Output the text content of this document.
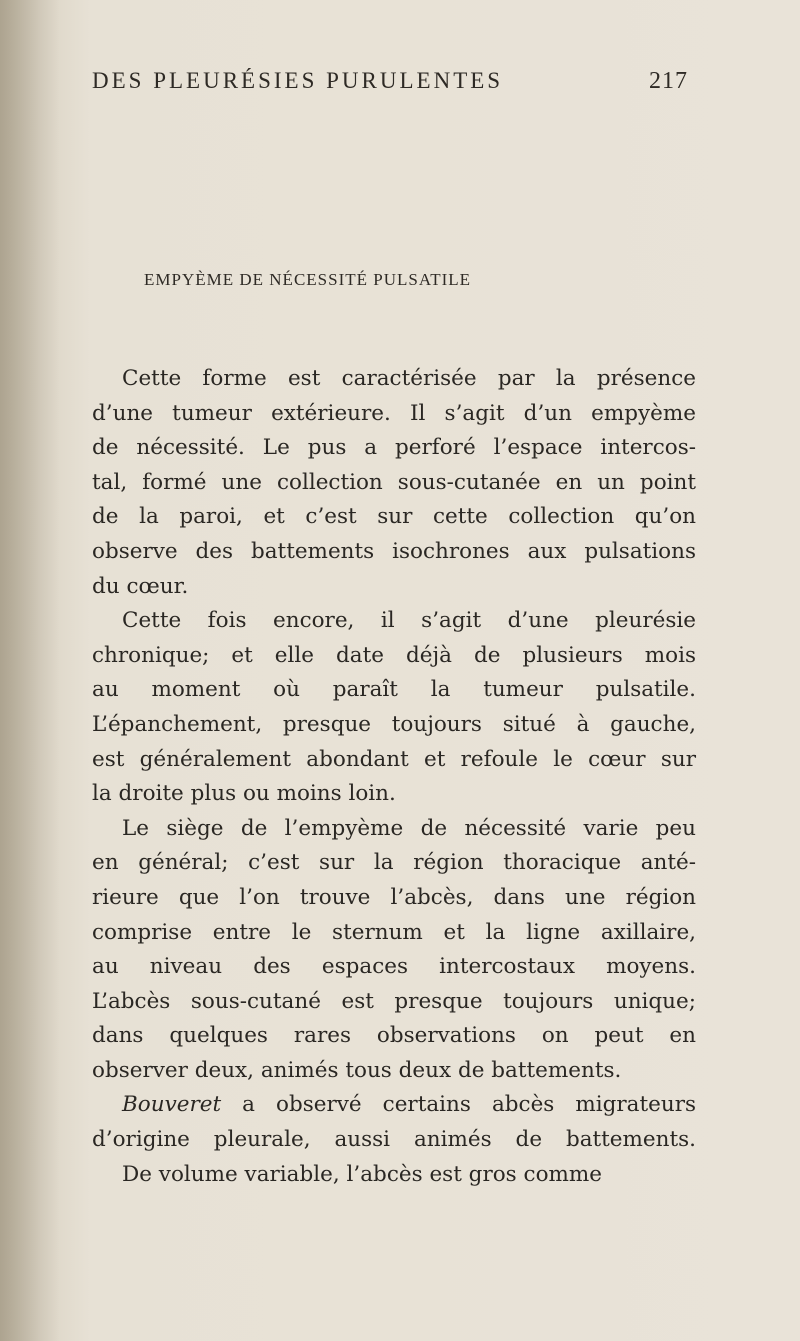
DES PLEURÉSIES PURULENTES	217
EMPYÈME DE NÉCESSITÉ PULSATILE
Cette forme est caractérisée par la présence
d’une tumeur extérieure. Il s’agit d’un empyème
de nécessité. Le pus a perforé l’espace intercos-
tal, formé une collection sous-cutanée en un point
de la paroi, et c’est sur cette collection qu’on
observe des battements isochrones aux pulsations
du cœur.
Cette fois encore, il s’agit d’une pleurésie
chronique; et elle date déjà de plusieurs mois
au moment où paraît la tumeur pulsatile.
L’épanchement, presque toujours situé à gauche,
est généralement abondant et refoule le cœur sur
la droite plus ou moins loin.
Le siège de l’empyème de nécessité varie peu
en général; c’est sur la région thoracique anté-
rieure que l’on trouve l’abcès, dans une région
comprise entre le sternum et la ligne axillaire,
au niveau des espaces intercostaux moyens.
L’abcès sous-cutané est presque toujours unique;
dans quelques rares observations on peut en
observer deux, animés tous deux de battements.
Bouveret a observé certains abcès migrateurs
d’origine pleurale, aussi animés de battements.
De volume variable, l’abcès est gros comme
